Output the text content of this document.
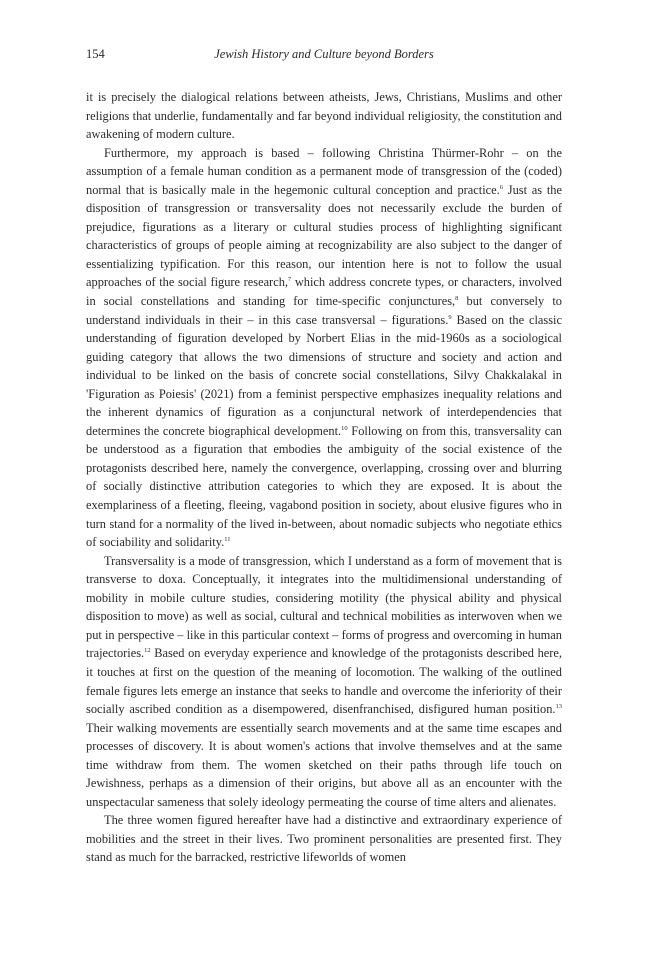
154	Jewish History and Culture beyond Borders

it is precisely the dialogical relations between atheists, Jews, Christians, Muslims and other religions that underlie, fundamentally and far beyond individual religiosity, the constitution and awakening of modern culture.

Furthermore, my approach is based – following Christina Thürmer-Rohr – on the assumption of a female human condition as a permanent mode of transgression of the (coded) normal that is basically male in the hegemonic cultural conception and practice.$^6$ Just as the disposition of transgression or transversality does not necessarily exclude the burden of prejudice, figurations as a literary or cultural studies process of highlighting significant characteristics of groups of people aiming at recognizability are also subject to the danger of essentializing typification. For this reason, our intention here is not to follow the usual approaches of the social figure research,$^7$ which address concrete types, or characters, involved in social constellations and standing for time-specific conjunctures,$^8$ but conversely to understand individuals in their – in this case transversal – figurations.$^9$ Based on the classic understanding of figuration developed by Norbert Elias in the mid-1960s as a sociological guiding category that allows the two dimensions of structure and society and action and individual to be linked on the basis of concrete social constellations, Silvy Chakkalakal in 'Figuration as Poiesis' (2021) from a feminist perspective emphasizes inequality relations and the inherent dynamics of figuration as a conjunctural network of interdependencies that determines the concrete biographical development.$^{10}$ Following on from this, transversality can be understood as a figuration that embodies the ambiguity of the social existence of the protagonists described here, namely the convergence, overlapping, crossing over and blurring of socially distinctive attribution categories to which they are exposed. It is about the exemplariness of a fleeting, fleeing, vagabond position in society, about elusive figures who in turn stand for a normality of the lived in-between, about nomadic subjects who negotiate ethics of sociability and solidarity.$^{11}$

Transversality is a mode of transgression, which I understand as a form of movement that is transverse to doxa. Conceptually, it integrates into the multidimensional understanding of mobility in mobile culture studies, considering motility (the physical ability and physical disposition to move) as well as social, cultural and technical mobilities as interwoven when we put in perspective – like in this particular context – forms of progress and overcoming in human trajectories.$^{12}$ Based on everyday experience and knowledge of the protagonists described here, it touches at first on the question of the meaning of locomotion. The walking of the outlined female figures lets emerge an instance that seeks to handle and overcome the inferiority of their socially ascribed condition as a disempowered, disenfranchised, disfigured human position.$^{13}$ Their walking movements are essentially search movements and at the same time escapes and processes of discovery. It is about women's actions that involve themselves and at the same time withdraw from them. The women sketched on their paths through life touch on Jewishness, perhaps as a dimension of their origins, but above all as an encounter with the unspectacular sameness that solely ideology permeating the course of time alters and alienates.

The three women figured hereafter have had a distinctive and extraordinary experience of mobilities and the street in their lives. Two prominent personalities are presented first. They stand as much for the barracked, restrictive lifeworlds of women
